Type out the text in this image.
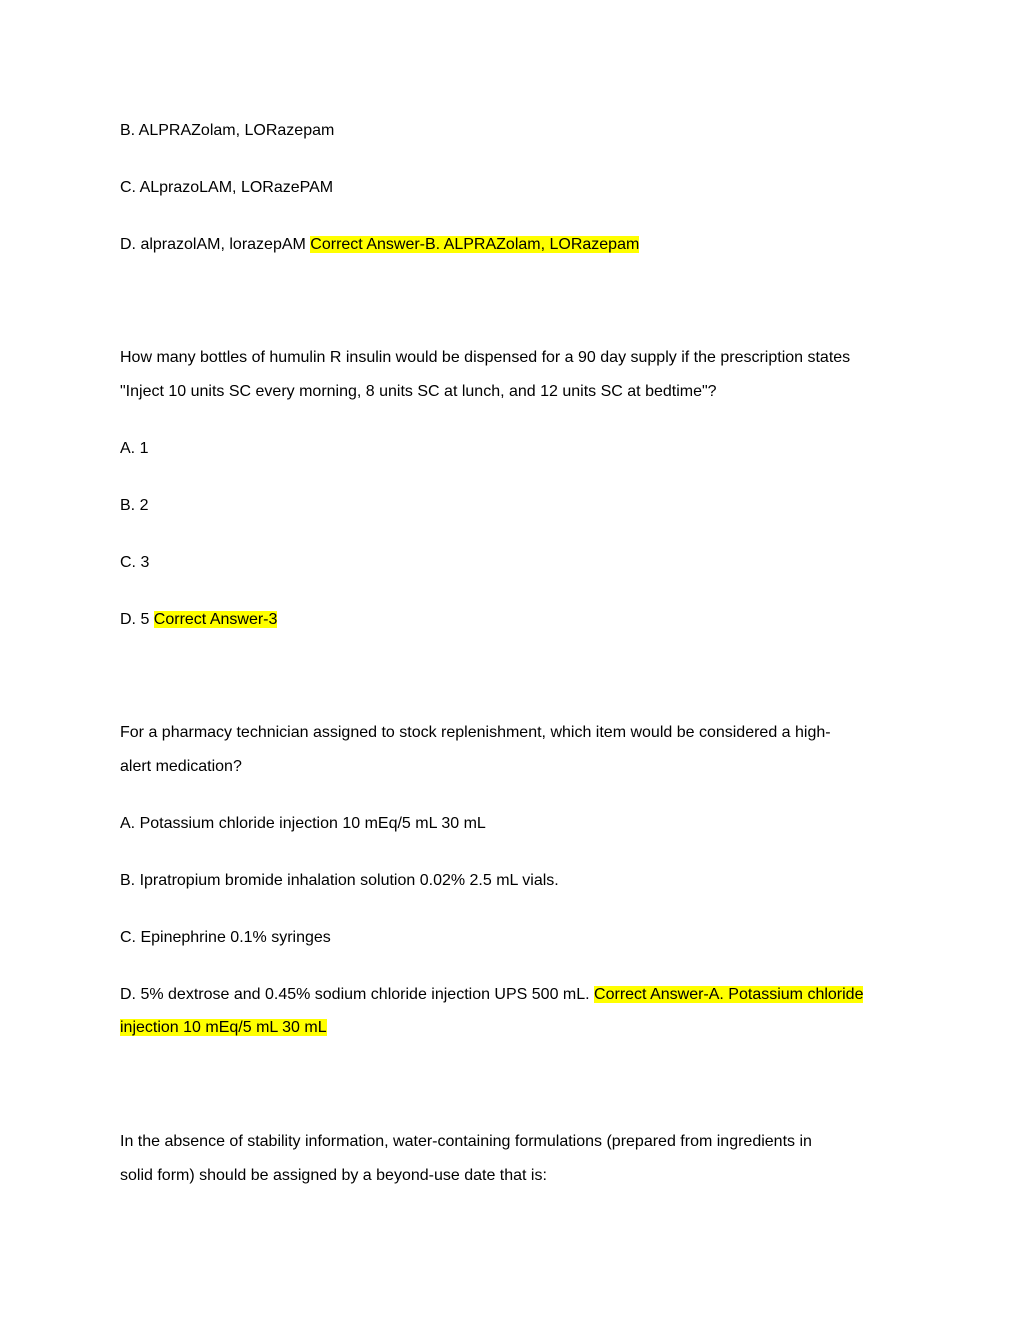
B. ALPRAZolam, LORazepam
C. ALprazoLAM, LORazePAM
D. alprazolAM, lorazepAM Correct Answer-B. ALPRAZolam, LORazepam
How many bottles of humulin R insulin would be dispensed for a 90 day supply if the prescription states
"Inject 10 units SC every morning, 8 units SC at lunch, and 12 units SC at bedtime"?
A. 1
B. 2
C. 3
D. 5 Correct Answer-3
For a pharmacy technician assigned to stock replenishment, which item would be considered a high-
alert medication?
A. Potassium chloride injection 10 mEq/5 mL 30 mL
B. Ipratropium bromide inhalation solution 0.02% 2.5 mL vials.
C. Epinephrine 0.1% syringes
D. 5% dextrose and 0.45% sodium chloride injection UPS 500 mL. Correct Answer-A. Potassium chloride
injection 10 mEq/5 mL 30 mL
In the absence of stability information, water-containing formulations (prepared from ingredients in
solid form) should be assigned by a beyond-use date that is:
